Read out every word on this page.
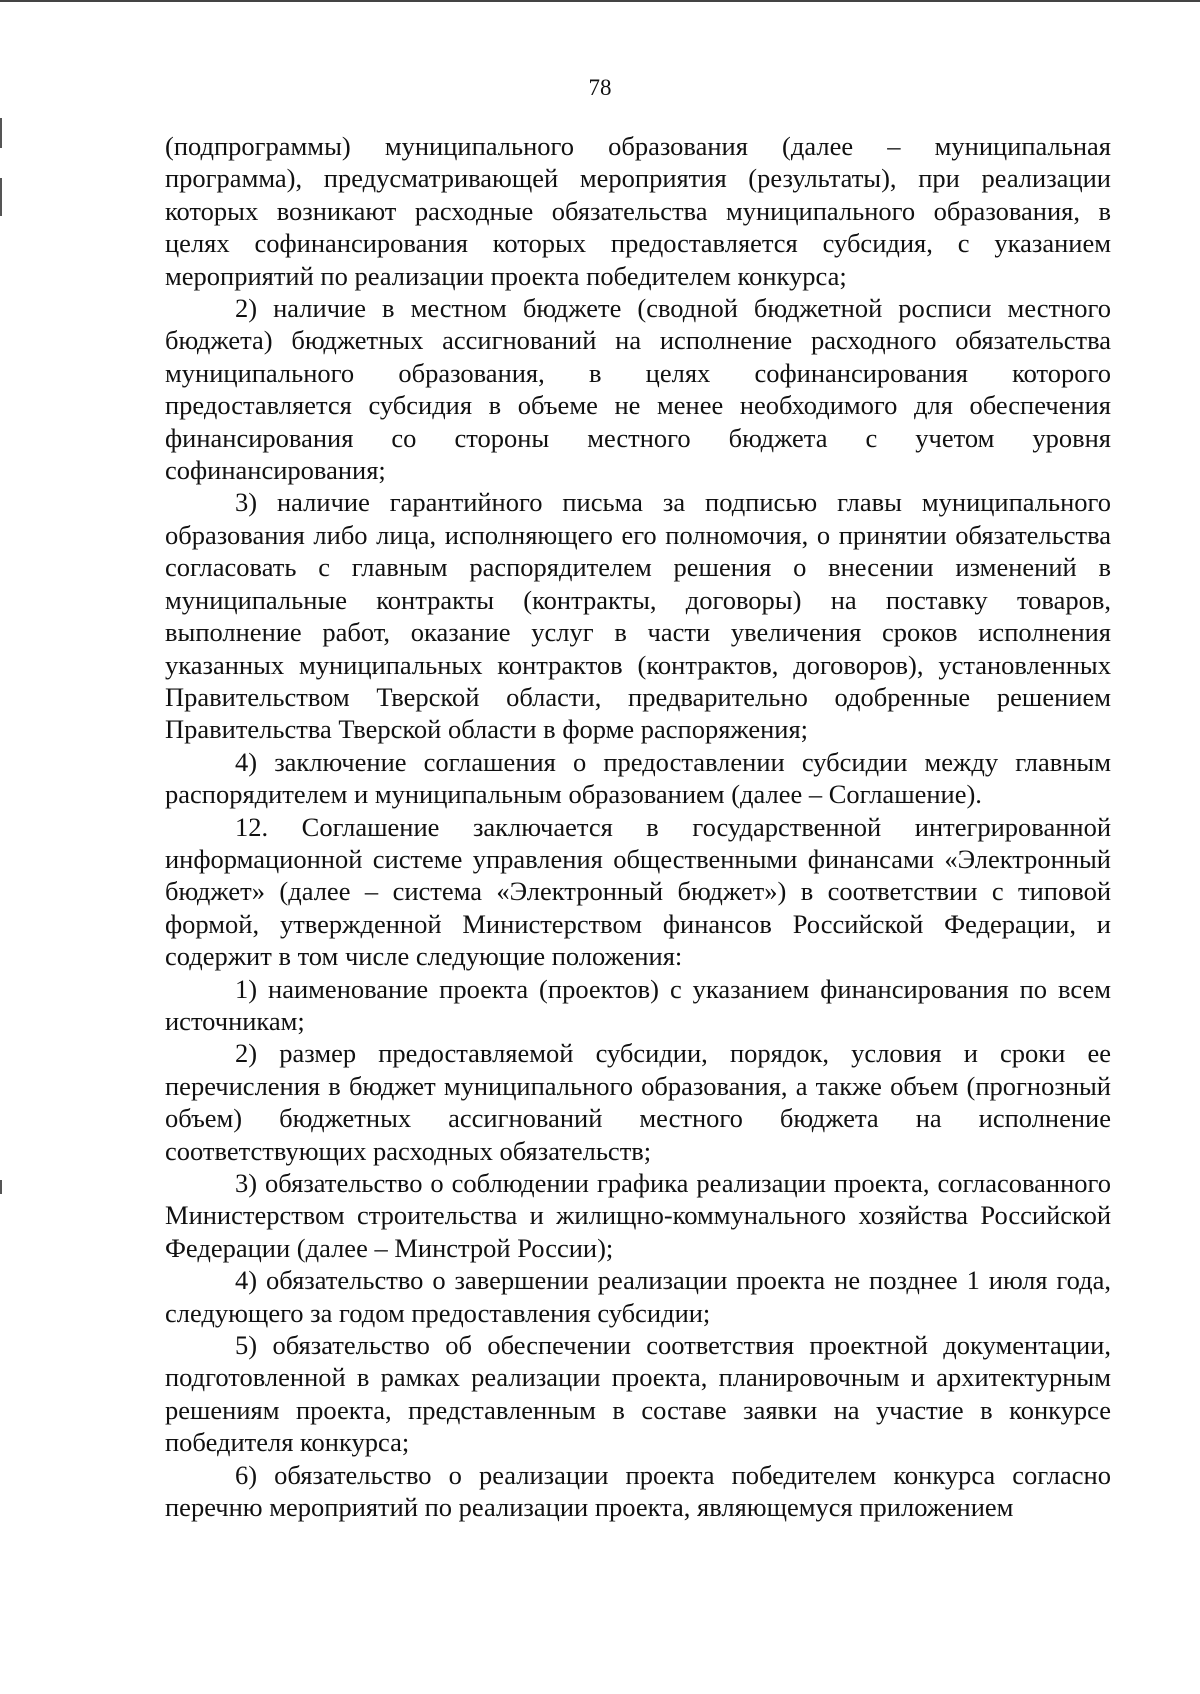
78

(подпрограммы) муниципального образования (далее – муниципальная программа), предусматривающей мероприятия (результаты), при реализации которых возникают расходные обязательства муниципального образования, в целях софинансирования которых предоставляется субсидия, с указанием мероприятий по реализации проекта победителем конкурса;

2) наличие в местном бюджете (сводной бюджетной росписи местного бюджета) бюджетных ассигнований на исполнение расходного обязательства муниципального образования, в целях софинансирования которого предоставляется субсидия в объеме не менее необходимого для обеспечения финансирования со стороны местного бюджета с учетом уровня софинансирования;

3) наличие гарантийного письма за подписью главы муниципального образования либо лица, исполняющего его полномочия, о принятии обязательства согласовать с главным распорядителем решения о внесении изменений в муниципальные контракты (контракты, договоры) на поставку товаров, выполнение работ, оказание услуг в части увеличения сроков исполнения указанных муниципальных контрактов (контрактов, договоров), установленных Правительством Тверской области, предварительно одобренные решением Правительства Тверской области в форме распоряжения;

4) заключение соглашения о предоставлении субсидии между главным распорядителем и муниципальным образованием (далее – Соглашение).

12. Соглашение заключается в государственной интегрированной информационной системе управления общественными финансами «Электронный бюджет» (далее – система «Электронный бюджет») в соответствии с типовой формой, утвержденной Министерством финансов Российской Федерации, и содержит в том числе следующие положения:

1) наименование проекта (проектов) с указанием финансирования по всем источникам;

2) размер предоставляемой субсидии, порядок, условия и сроки ее перечисления в бюджет муниципального образования, а также объем (прогнозный объем) бюджетных ассигнований местного бюджета на исполнение соответствующих расходных обязательств;

3) обязательство о соблюдении графика реализации проекта, согласованного Министерством строительства и жилищно-коммунального хозяйства Российской Федерации (далее – Минстрой России);

4) обязательство о завершении реализации проекта не позднее 1 июля года, следующего за годом предоставления субсидии;

5) обязательство об обеспечении соответствия проектной документации, подготовленной в рамках реализации проекта, планировочным и архитектурным решениям проекта, представленным в составе заявки на участие в конкурсе победителя конкурса;

6) обязательство о реализации проекта победителем конкурса согласно перечню мероприятий по реализации проекта, являющемуся приложением
